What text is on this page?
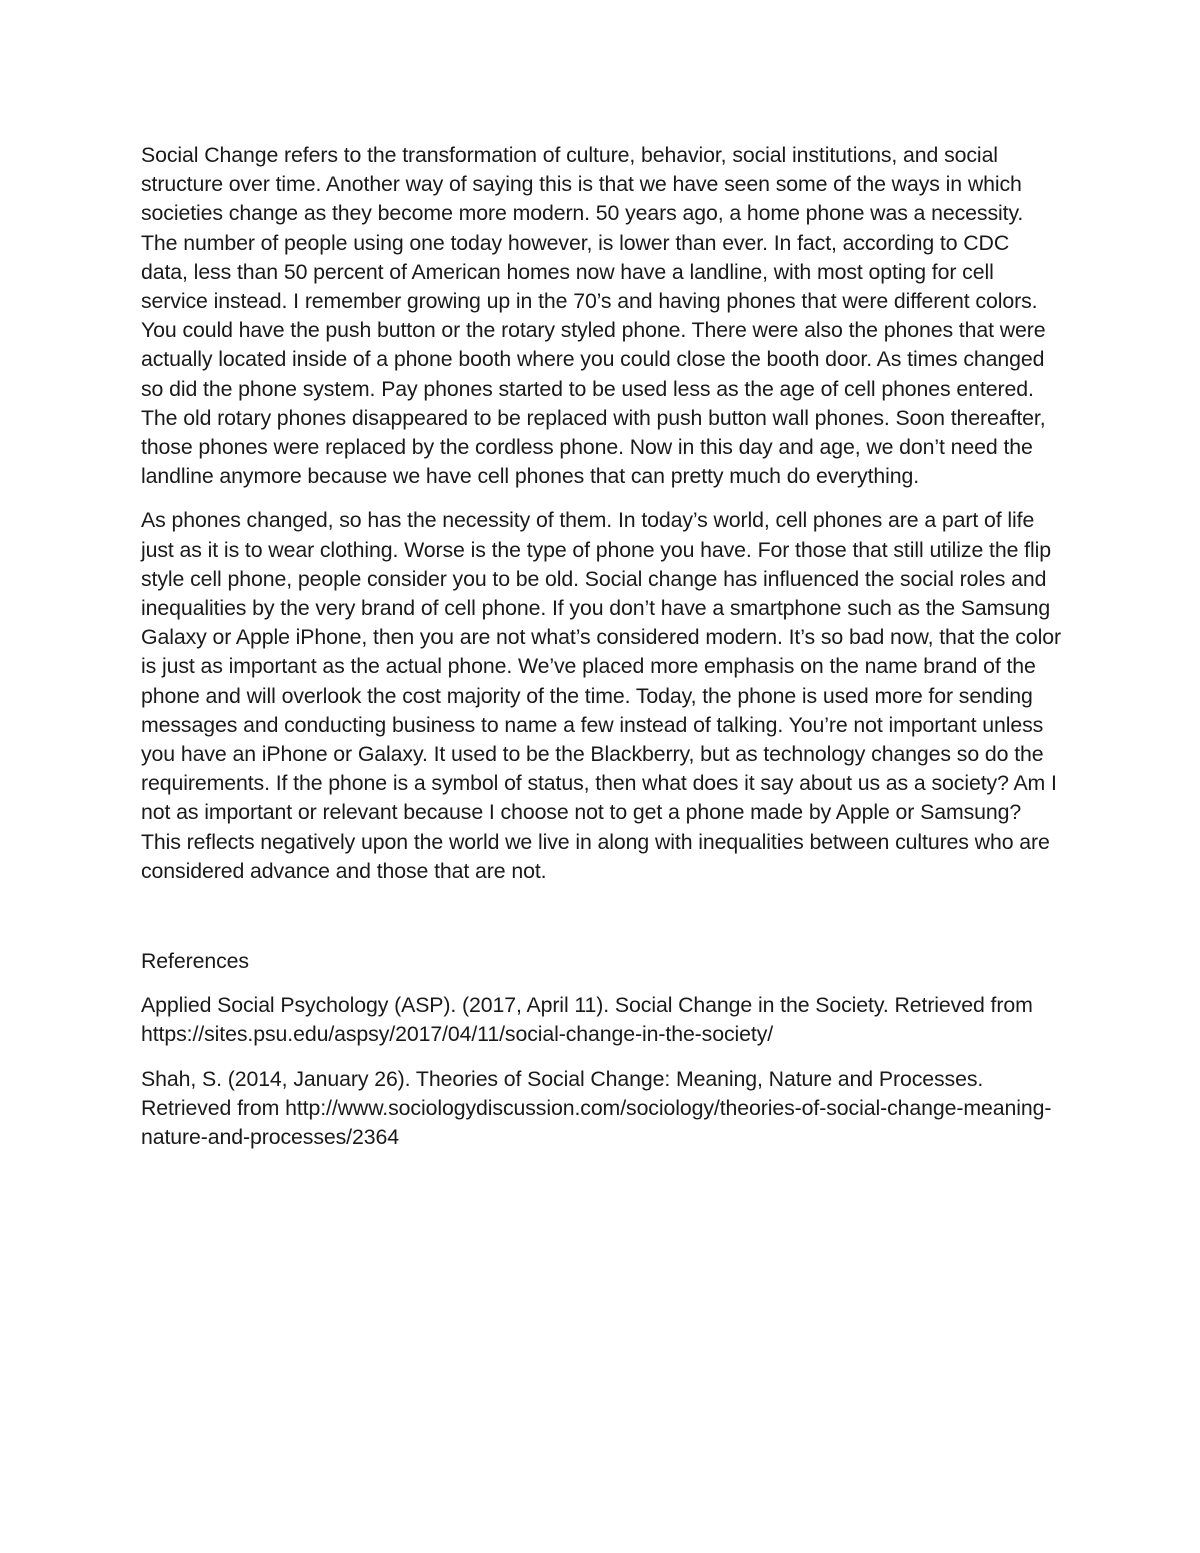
Social Change refers to the transformation of culture, behavior, social institutions, and social structure over time. Another way of saying this is that we have seen some of the ways in which societies change as they become more modern. 50 years ago, a home phone was a necessity. The number of people using one today however, is lower than ever. In fact, according to CDC data, less than 50 percent of American homes now have a landline, with most opting for cell service instead. I remember growing up in the 70’s and having phones that were different colors. You could have the push button or the rotary styled phone. There were also the phones that were actually located inside of a phone booth where you could close the booth door. As times changed so did the phone system. Pay phones started to be used less as the age of cell phones entered. The old rotary phones disappeared to be replaced with push button wall phones. Soon thereafter, those phones were replaced by the cordless phone. Now in this day and age, we don’t need the landline anymore because we have cell phones that can pretty much do everything.

As phones changed, so has the necessity of them. In today’s world, cell phones are a part of life just as it is to wear clothing. Worse is the type of phone you have. For those that still utilize the flip style cell phone, people consider you to be old. Social change has influenced the social roles and inequalities by the very brand of cell phone. If you don’t have a smartphone such as the Samsung Galaxy or Apple iPhone, then you are not what’s considered modern. It’s so bad now, that the color is just as important as the actual phone. We’ve placed more emphasis on the name brand of the phone and will overlook the cost majority of the time. Today, the phone is used more for sending messages and conducting business to name a few instead of talking. You’re not important unless you have an iPhone or Galaxy. It used to be the Blackberry, but as technology changes so do the requirements. If the phone is a symbol of status, then what does it say about us as a society? Am I not as important or relevant because I choose not to get a phone made by Apple or Samsung? This reflects negatively upon the world we live in along with inequalities between cultures who are considered advance and those that are not.

References

Applied Social Psychology (ASP). (2017, April 11). Social Change in the Society. Retrieved from https://sites.psu.edu/aspsy/2017/04/11/social-change-in-the-society/

Shah, S. (2014, January 26). Theories of Social Change: Meaning, Nature and Processes. Retrieved from http://www.sociologydiscussion.com/sociology/theories-of-social-change-meaning-nature-and-processes/2364
